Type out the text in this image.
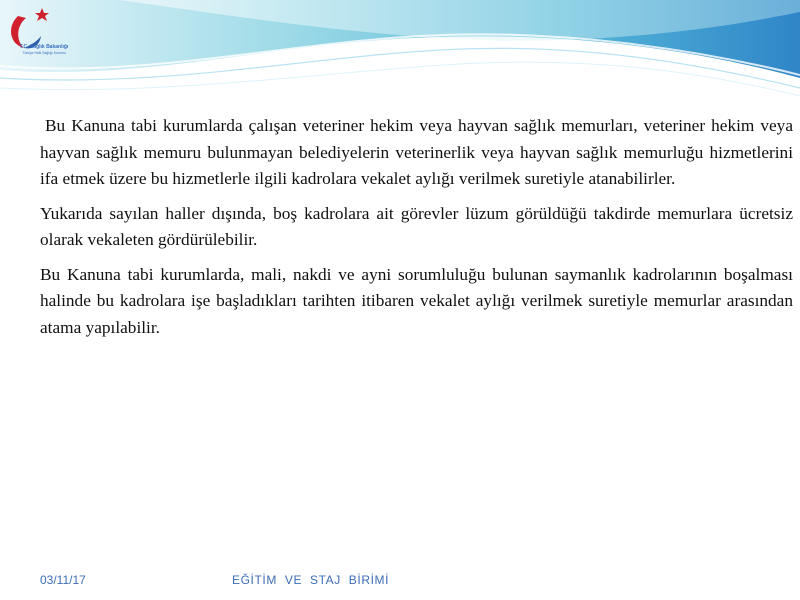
T.C. Sağlık Bakanlığı
Türkiye Halk Sağlığı Kurumu

Bu Kanuna tabi kurumlarda çalışan veteriner hekim veya hayvan sağlık memurları, veteriner hekim veya hayvan sağlık memuru bulunmayan belediyelerin veterinerlik veya hayvan sağlık memurluğu hizmetlerini ifa etmek üzere bu hizmetlerle ilgili kadrolara vekalet aylığı verilmek suretiyle atanabilirler.

Yukarıda sayılan haller dışında, boş kadrolara ait görevler lüzum görüldüğü takdirde memurlara ücretsiz olarak vekaleten gördürülebilir.

Bu Kanuna tabi kurumlarda, mali, nakdi ve ayni sorumluluğu bulunan saymanlık kadrolarının boşalması halinde bu kadrolara işe başladıkları tarihten itibaren vekalet aylığı verilmek suretiyle memurlar arasından atama yapılabilir.

03/11/17	EĞİTİM VE STAJ BİRİMİ
